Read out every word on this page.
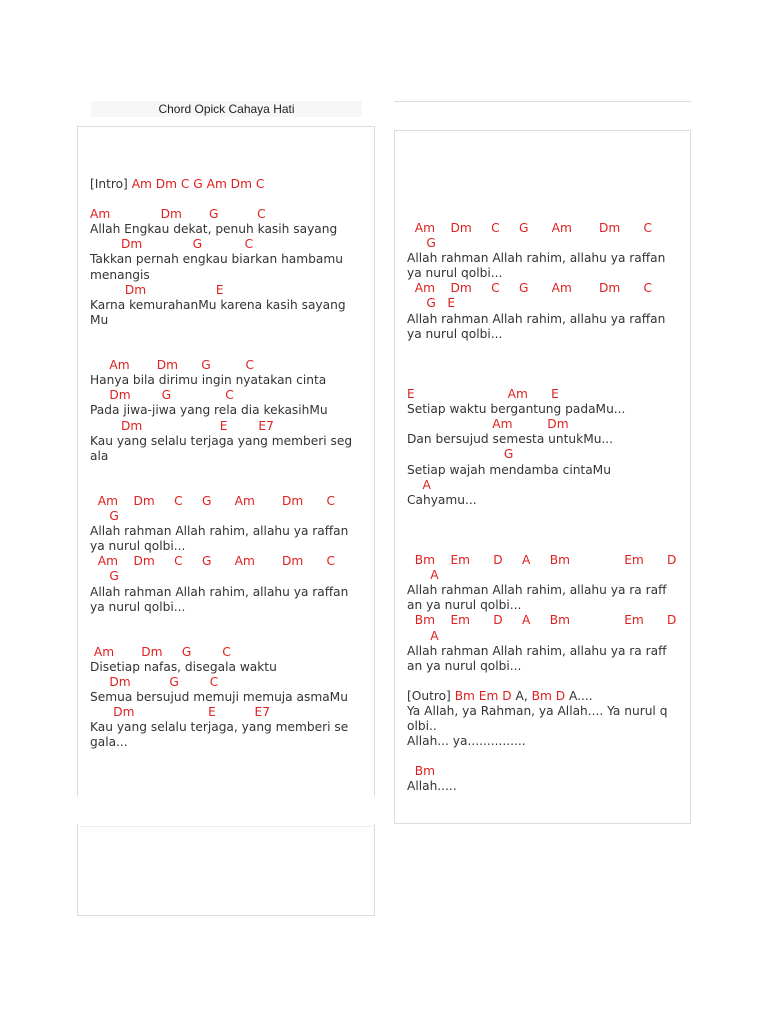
Chord Opick Cahaya Hati
[Intro] Am Dm C G Am Dm C
Am             Dm       G          C
Allah Engkau dekat, penuh kasih sayang
Dm             G           C
Takkan pernah engkau biarkan hambamu
menangis
Dm                  E
Karna kemurahanMu karena kasih sayang
Mu
Am       Dm      G         C
Hanya bila dirimu ingin nyatakan cinta
Dm        G              C
Pada jiwa-jiwa yang rela dia kekasihMu
Dm                    E        E7
Kau yang selalu terjaga yang memberi seg
ala
Am    Dm     C     G      Am       Dm      C
G
Allah rahman Allah rahim, allahu ya raffan
ya nurul qolbi...
Am    Dm     C     G      Am       Dm      C
G
Allah rahman Allah rahim, allahu ya raffan
ya nurul qolbi...
Am       Dm     G        C
Disetiap nafas, disegala waktu
Dm          G        C
Semua bersujud memuji memuja asmaMu
Dm                   E          E7
Kau yang selalu terjaga, yang memberi se
gala...
Am    Dm     C     G      Am       Dm      C
G
Allah rahman Allah rahim, allahu ya raffan
ya nurul qolbi...
Am    Dm     C     G      Am       Dm      C
G   E
Allah rahman Allah rahim, allahu ya raffan
ya nurul qolbi...
E                        Am      E
Setiap waktu bergantung padaMu...
Am         Dm
Dan bersujud semesta untukMu...
G
Setiap wajah mendamba cintaMu
A
Cahyamu...
Bm    Em      D     A     Bm              Em      D
A
Allah rahman Allah rahim, allahu ya ra raff
an ya nurul qolbi...
Bm    Em      D     A     Bm              Em      D
A
Allah rahman Allah rahim, allahu ya ra raff
an ya nurul qolbi...
[Outro] Bm Em D A, Bm D A....
Ya Allah, ya Rahman, ya Allah.... Ya nurul q
olbi..
Allah... ya...............
Bm
Allah.....
